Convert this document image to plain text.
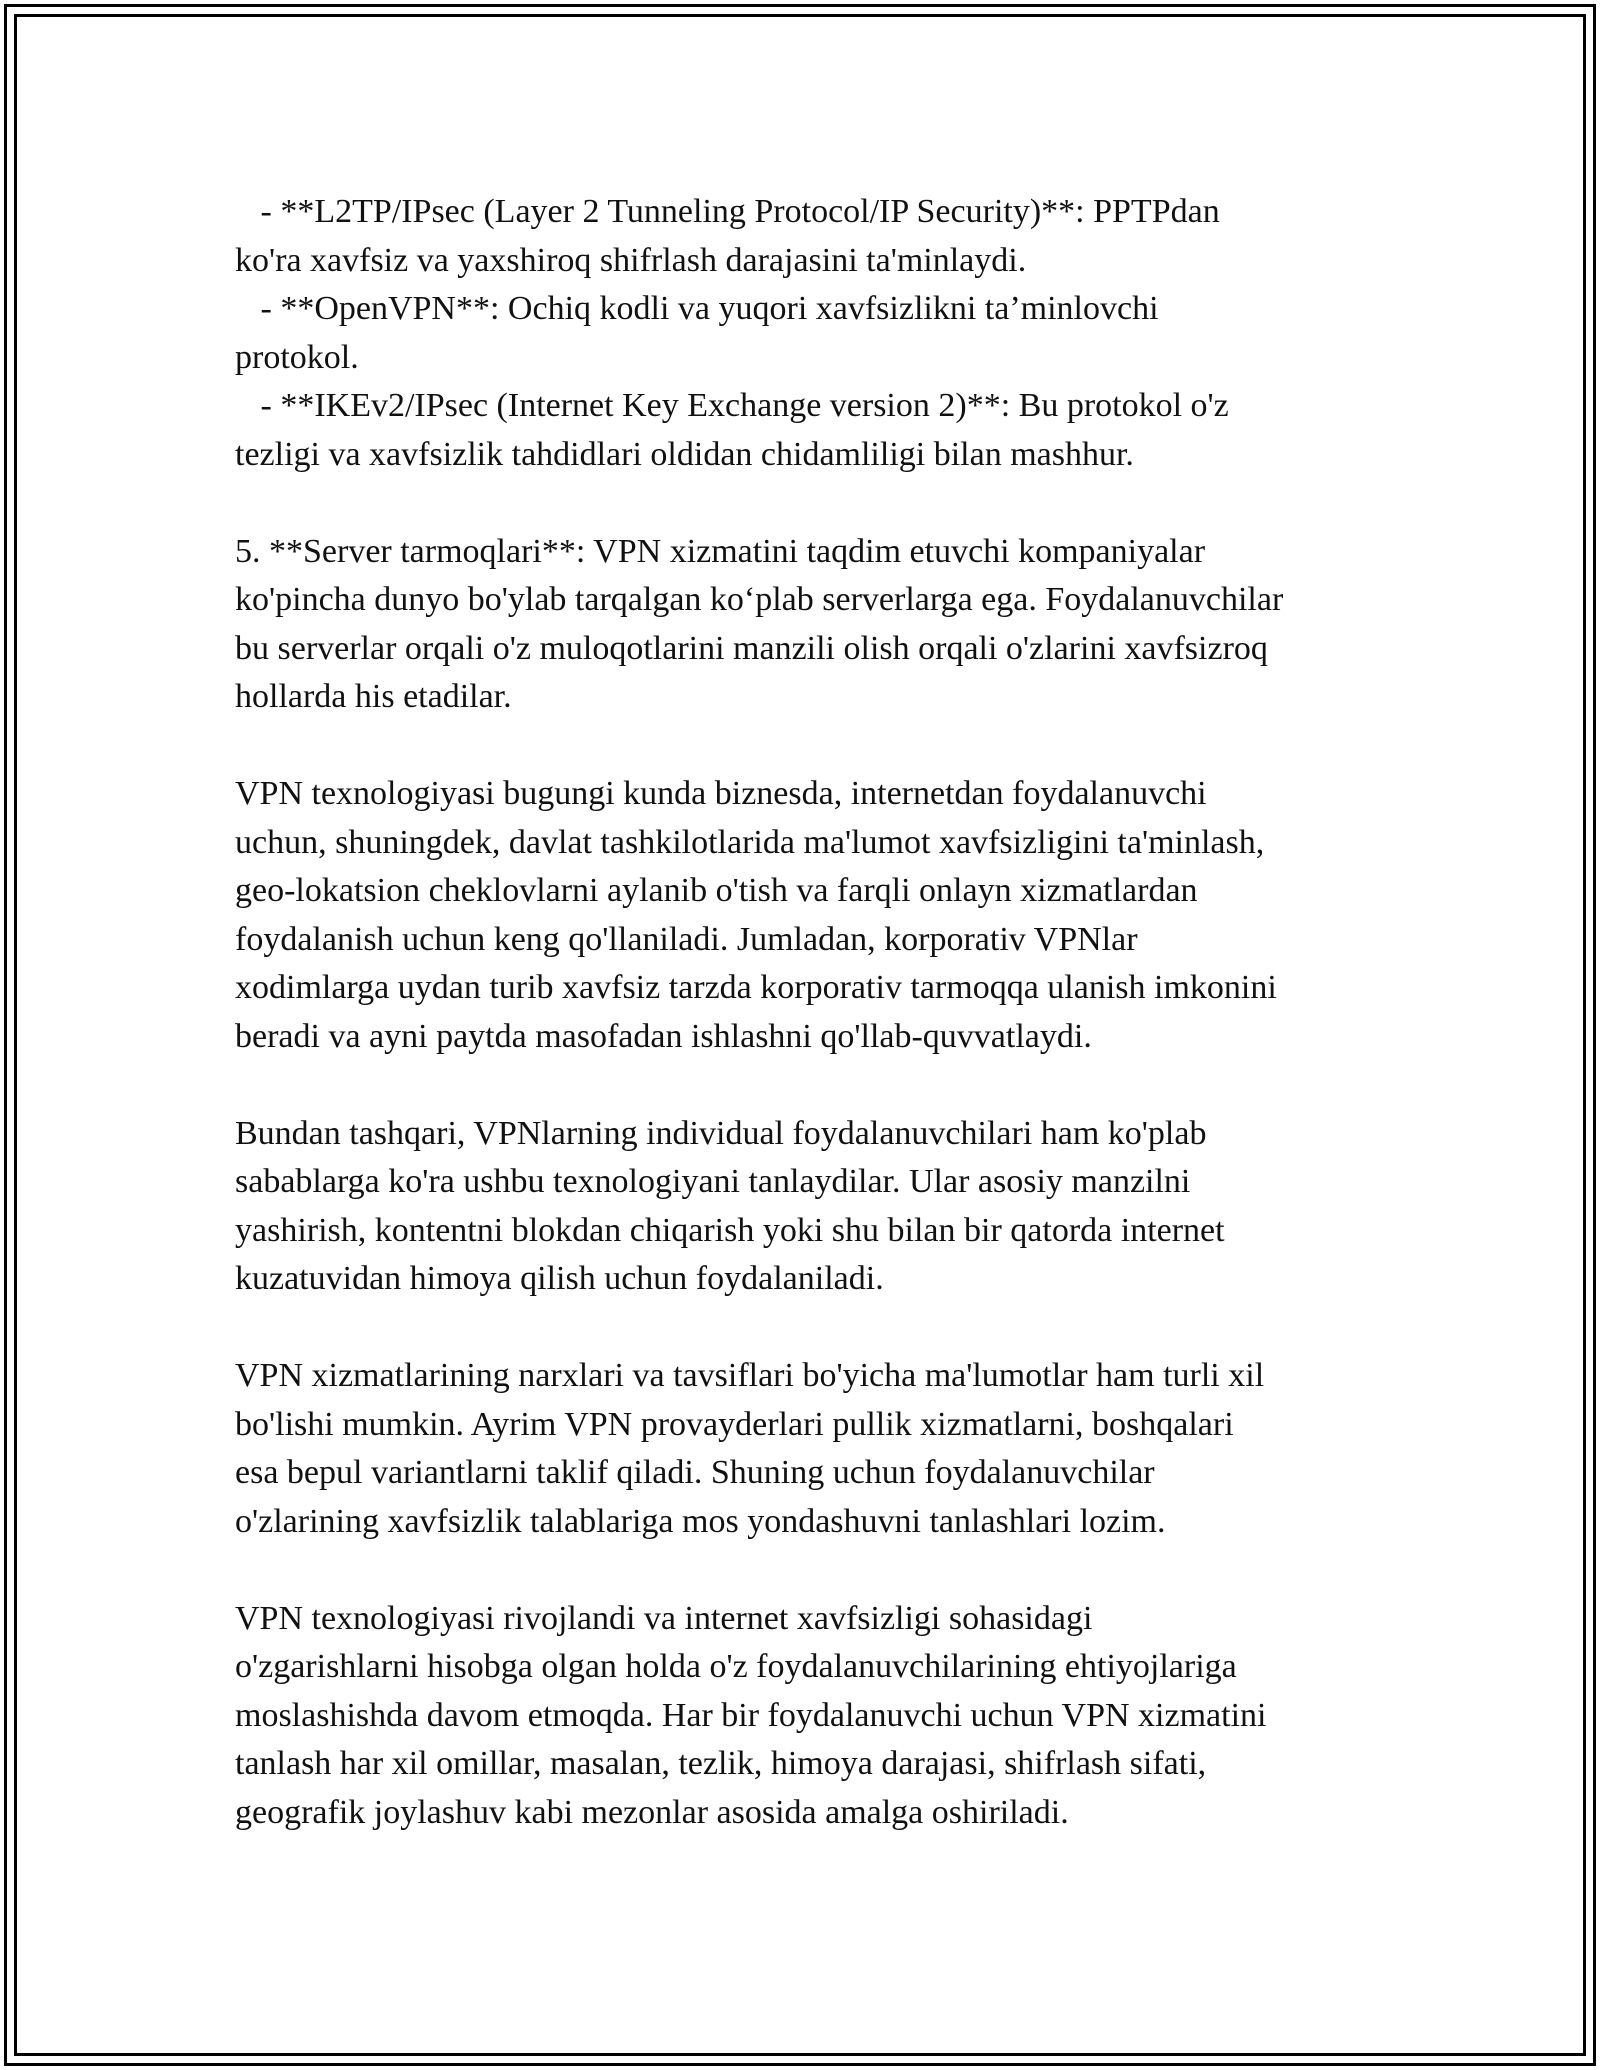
- **L2TP/IPsec (Layer 2 Tunneling Protocol/IP Security)**: PPTPdan
ko'ra xavfsiz va yaxshiroq shifrlash darajasini ta'minlaydi.
- **OpenVPN**: Ochiq kodli va yuqori xavfsizlikni ta’minlovchi
protokol.
- **IKEv2/IPsec (Internet Key Exchange version 2)**: Bu protokol o'z
tezligi va xavfsizlik tahdidlari oldidan chidamliligi bilan mashhur.

5. **Server tarmoqlari**: VPN xizmatini taqdim etuvchi kompaniyalar
ko'pincha dunyo bo'ylab tarqalgan ko‘plab serverlarga ega. Foydalanuvchilar
bu serverlar orqali o'z muloqotlarini manzili olish orqali o'zlarini xavfsizroq
hollarda his etadilar.

VPN texnologiyasi bugungi kunda biznesda, internetdan foydalanuvchi
uchun, shuningdek, davlat tashkilotlarida ma'lumot xavfsizligini ta'minlash,
geo-lokatsion cheklovlarni aylanib o'tish va farqli onlayn xizmatlardan
foydalanish uchun keng qo'llaniladi. Jumladan, korporativ VPNlar
xodimlarga uydan turib xavfsiz tarzda korporativ tarmoqqa ulanish imkonini
beradi va ayni paytda masofadan ishlashni qo'llab-quvvatlaydi.

Bundan tashqari, VPNlarning individual foydalanuvchilari ham ko'plab
sabablarga ko'ra ushbu texnologiyani tanlaydilar. Ular asosiy manzilni
yashirish, kontentni blokdan chiqarish yoki shu bilan bir qatorda internet
kuzatuvidan himoya qilish uchun foydalaniladi.

VPN xizmatlarining narxlari va tavsiflari bo'yicha ma'lumotlar ham turli xil
bo'lishi mumkin. Ayrim VPN provayderlari pullik xizmatlarni, boshqalari
esa bepul variantlarni taklif qiladi. Shuning uchun foydalanuvchilar
o'zlarining xavfsizlik talablariga mos yondashuvni tanlashlari lozim.

VPN texnologiyasi rivojlandi va internet xavfsizligi sohasidagi
o'zgarishlarni hisobga olgan holda o'z foydalanuvchilarining ehtiyojlariga
moslashishda davom etmoqda. Har bir foydalanuvchi uchun VPN xizmatini
tanlash har xil omillar, masalan, tezlik, himoya darajasi, shifrlash sifati,
geografik joylashuv kabi mezonlar asosida amalga oshiriladi.
